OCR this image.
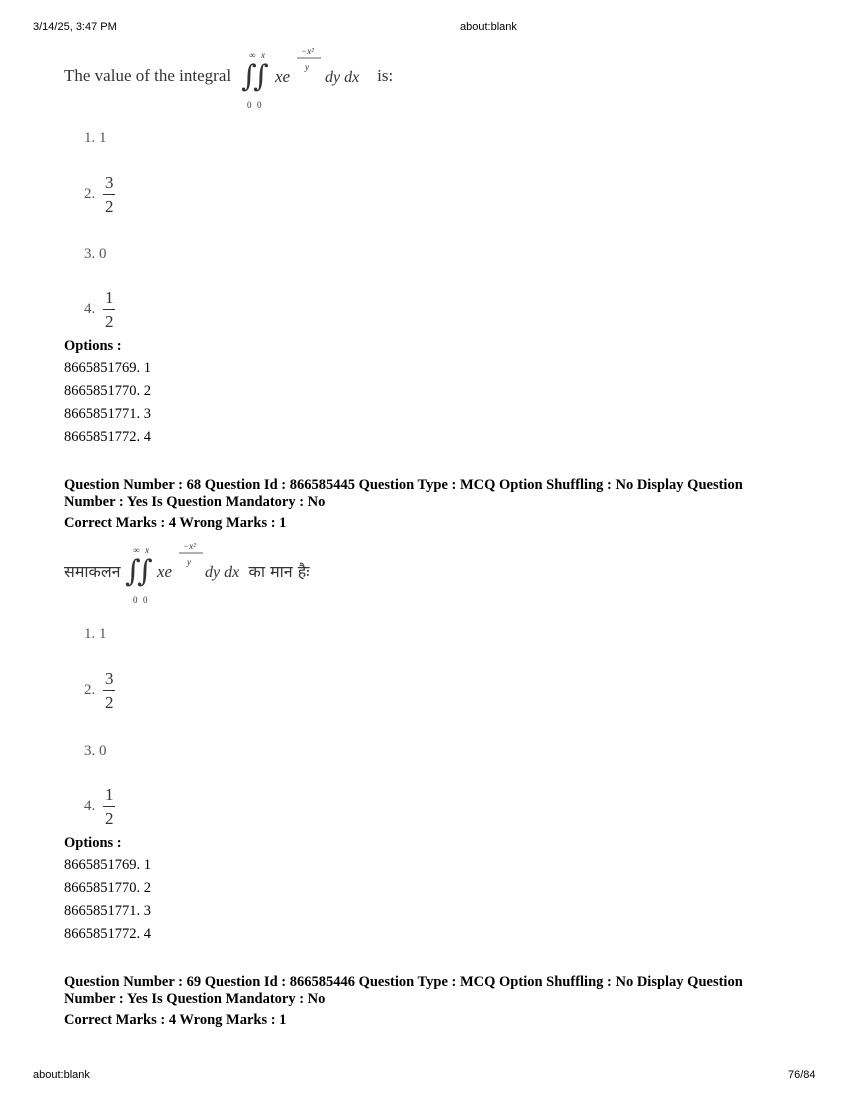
3/14/25, 3:47 PM	about:blank
The value of the integral
∞ x
∫
∫
0 0
xe
−x²
y
dy dx is:
1.
1
2. $\frac{3}{2}$
3.
0
4. $\frac{1}{2}$
Options :
8665851769. 1
8665851770. 2
8665851771. 3
8665851772. 4
Question Number : 68 Question Id : 866585445 Question Type : MCQ Option Shuffling : No Display Question
Number : Yes Is Question Mandatory : No
Correct Marks : 4 Wrong Marks : 1
समाकलन
∞ x
∫
∫
0 0
xe
−x²
y
dy dx का मान हैः
1.
1
2. $\frac{3}{2}$
3.
0
4. $\frac{1}{2}$
Options :
8665851769. 1
8665851770. 2
8665851771. 3
8665851772. 4
Question Number : 69 Question Id : 866585446 Question Type : MCQ Option Shuffling : No Display Question
Number : Yes Is Question Mandatory : No
Correct Marks : 4 Wrong Marks : 1
about:blank	76/84
